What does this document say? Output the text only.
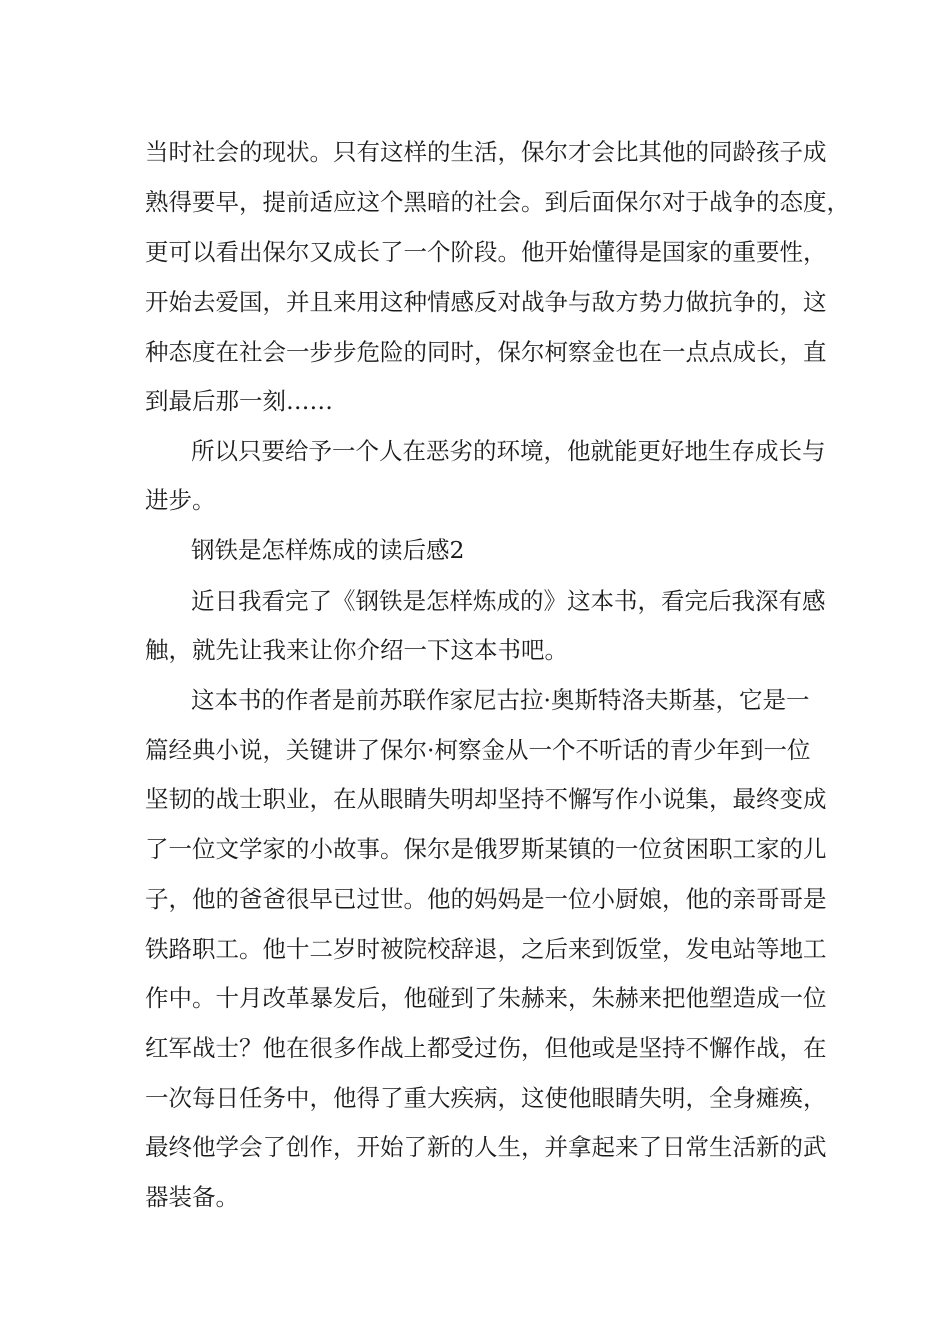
当时社会的现状。只有这样的生活，保尔才会比其他的同龄孩子成
熟得要早，提前适应这个黑暗的社会。到后面保尔对于战争的态度，
更可以看出保尔又成长了一个阶段。他开始懂得是国家的重要性，
开始去爱国，并且来用这种情感反对战争与敌方势力做抗争的，这
种态度在社会一步步危险的同时，保尔柯察金也在一点点成长，直
到最后那一刻……
所以只要给予一个人在恶劣的环境，他就能更好地生存成长与
进步。
钢铁是怎样炼成的读后感2
近日我看完了《钢铁是怎样炼成的》这本书，看完后我深有感
触，就先让我来让你介绍一下这本书吧。
这本书的作者是前苏联作家尼古拉·奥斯特洛夫斯基，它是一
篇经典小说，关键讲了保尔·柯察金从一个不听话的青少年到一位
坚韧的战士职业，在从眼睛失明却坚持不懈写作小说集，最终变成
了一位文学家的小故事。保尔是俄罗斯某镇的一位贫困职工家的儿
子，他的爸爸很早已过世。他的妈妈是一位小厨娘，他的亲哥哥是
铁路职工。他十二岁时被院校辞退，之后来到饭堂，发电站等地工
作中。十月改革暴发后，他碰到了朱赫来，朱赫来把他塑造成一位
红军战士？他在很多作战上都受过伤，但他或是坚持不懈作战，在
一次每日任务中，他得了重大疾病，这使他眼睛失明，全身瘫痪，
最终他学会了创作，开始了新的人生，并拿起来了日常生活新的武
器装备。
